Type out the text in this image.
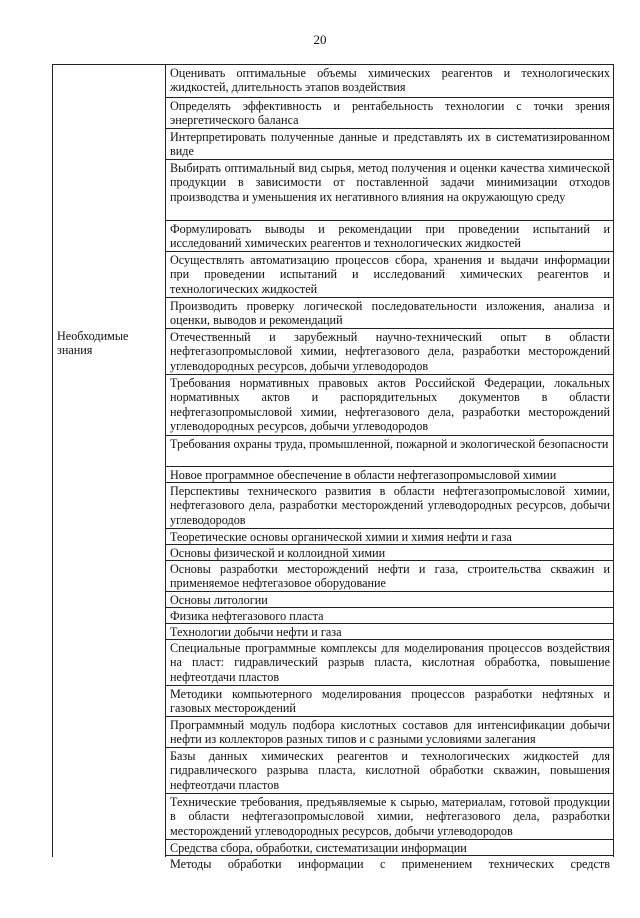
20
Необходимые знания
Оценивать оптимальные объемы химических реагентов и технологических жидкостей, длительность этапов воздействия
Определять эффективность и рентабельность технологии с точки зрения энергетического баланса
Интерпретировать полученные данные и представлять их в систематизированном виде
Выбирать оптимальный вид сырья, метод получения и оценки качества химической продукции в зависимости от поставленной задачи минимизации отходов производства и уменьшения их негативного влияния на окружающую среду
Формулировать выводы и рекомендации при проведении испытаний и исследований химических реагентов и технологических жидкостей
Осуществлять автоматизацию процессов сбора, хранения и выдачи информации при проведении испытаний и исследований химических реагентов и технологических жидкостей
Производить проверку логической последовательности изложения, анализа и оценки, выводов и рекомендаций
Отечественный и зарубежный научно-технический опыт в области нефтегазопромысловой химии, нефтегазового дела, разработки месторождений углеводородных ресурсов, добычи углеводородов
Требования нормативных правовых актов Российской Федерации, локальных нормативных актов и распорядительных документов в области нефтегазопромысловой химии, нефтегазового дела, разработки месторождений углеводородных ресурсов, добычи углеводородов
Требования охраны труда, промышленной, пожарной и экологической безопасности
Новое программное обеспечение в области нефтегазопромысловой химии
Перспективы технического развития в области нефтегазопромысловой химии, нефтегазового дела, разработки месторождений углеводородных ресурсов, добычи углеводородов
Теоретические основы органической химии и химия нефти и газа
Основы физической и коллоидной химии
Основы разработки месторождений нефти и газа, строительства скважин и применяемое нефтегазовое оборудование
Основы литологии
Физика нефтегазового пласта
Технологии добычи нефти и газа
Специальные программные комплексы для моделирования процессов воздействия на пласт: гидравлический разрыв пласта, кислотная обработка, повышение нефтеотдачи пластов
Методики компьютерного моделирования процессов разработки нефтяных и газовых месторождений
Программный модуль подбора кислотных составов для интенсификации добычи нефти из коллекторов разных типов и с разными условиями залегания
Базы данных химических реагентов и технологических жидкостей для гидравлического разрыва пласта, кислотной обработки скважин, повышения нефтеотдачи пластов
Технические требования, предъявляемые к сырью, материалам, готовой продукции в области нефтегазопромысловой химии, нефтегазового дела, разработки месторождений углеводородных ресурсов, добычи углеводородов
Средства сбора, обработки, систематизации информации
Методы обработки информации с применением технических средств
